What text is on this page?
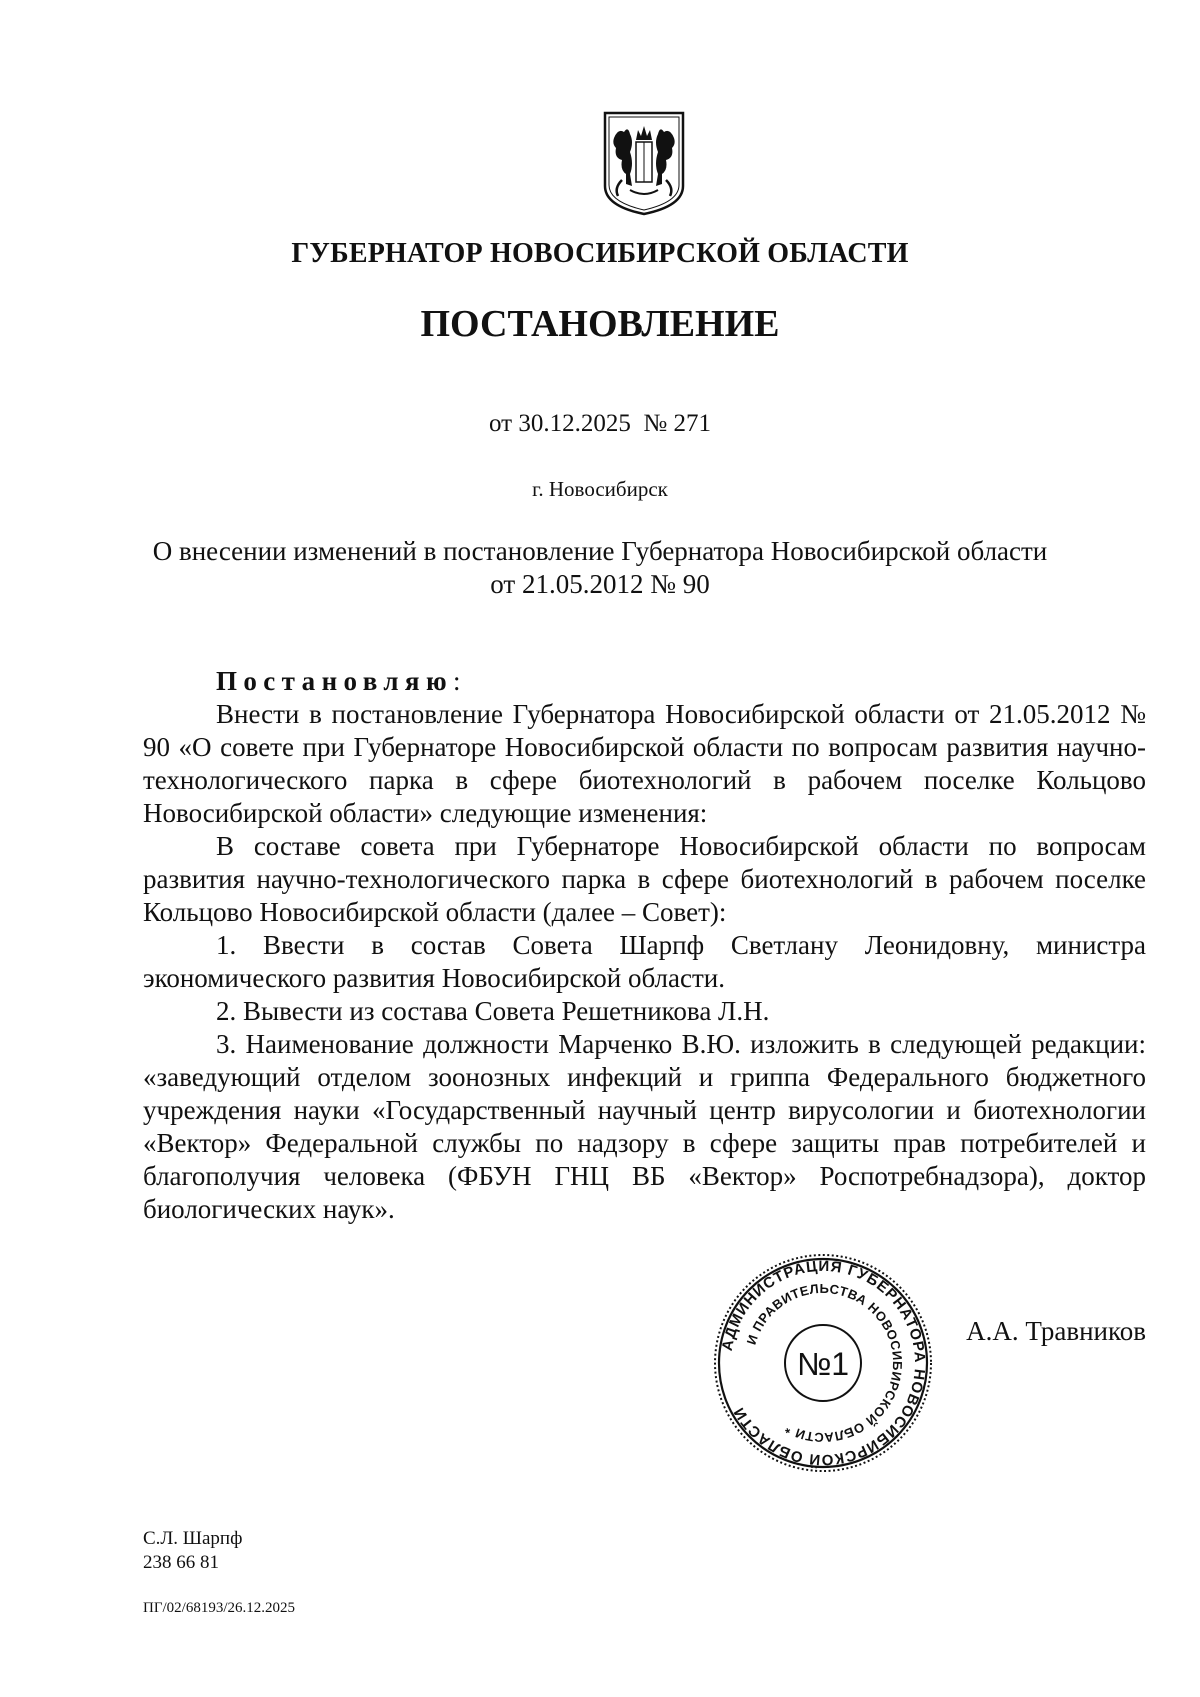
ГУБЕРНАТОР НОВОСИБИРСКОЙ ОБЛАСТИ
ПОСТАНОВЛЕНИЕ
от 30.12.2025  № 271
г. Новосибирск
О внесении изменений в постановление Губернатора Новосибирской области
от 21.05.2012 № 90

Постановляю:

Внести в постановление Губернатора Новосибирской области от 21.05.2012 № 90 «О совете при Губернаторе Новосибирской области по вопросам развития научно-технологического парка в сфере биотехнологий в рабочем поселке Кольцово Новосибирской области» следующие изменения:

В составе совета при Губернаторе Новосибирской области по вопросам развития научно-технологического парка в сфере биотехнологий в рабочем поселке Кольцово Новосибирской области (далее – Совет):

1. Ввести в состав Совета Шарпф Светлану Леонидовну, министра экономического развития Новосибирской области.

2. Вывести из состава Совета Решетникова Л.Н.

3. Наименование должности Марченко В.Ю. изложить в следующей редакции: «заведующий отделом зоонозных инфекций и гриппа Федерального бюджетного учреждения науки «Государственный научный центр вирусологии и биотехнологии «Вектор» Федеральной службы по надзору в сфере защиты прав потребителей и благополучия человека (ФБУН ГНЦ ВБ «Вектор» Роспотребнадзора), доктор биологических наук».

АДМИНИСТРАЦИЯ ГУБЕРНАТОРА НОВОСИБИРСКОЙ ОБЛАСТИ
И ПРАВИТЕЛЬСТВА НОВОСИБИРСКОЙ ОБЛАСТИ *
№1
А.А. Травников
С.Л. Шарпф
238 66 81
ПГ/02/68193/26.12.2025
